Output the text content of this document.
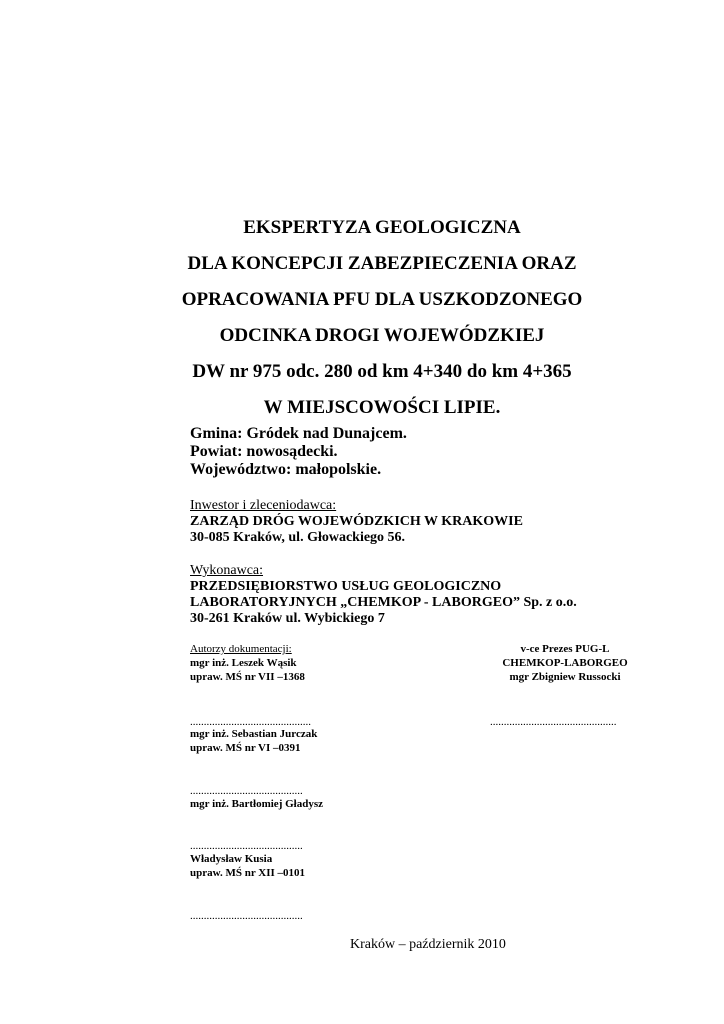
EKSPERTYZA GEOLOGICZNA
DLA KONCEPCJI ZABEZPIECZENIA ORAZ
OPRACOWANIA PFU DLA USZKODZONEGO
ODCINKA DROGI WOJEWÓDZKIEJ
DW nr 975 odc. 280 od km 4+340 do km 4+365
W MIEJSCOWOŚCI LIPIE.
Gmina: Gródek nad Dunajcem.
Powiat: nowosądecki.
Województwo: małopolskie.
Inwestor i zleceniodawca:
ZARZĄD DRÓG WOJEWÓDZKICH W KRAKOWIE
30-085 Kraków, ul. Głowackiego 56.
Wykonawca:
PRZEDSIĘBIORSTWO USŁUG GEOLOGICZNO
LABORATORYJNYCH „CHEMKOP - LABORGEO” Sp. z o.o.
30-261 Kraków ul. Wybickiego 7
Autorzy dokumentacji:
mgr inż. Leszek Wąsik
upraw. MŚ nr VII –1368
v-ce Prezes PUG-L
CHEMKOP-LABORGEO
mgr Zbigniew Russocki
............................................	..............................................
mgr inż. Sebastian Jurczak
upraw. MŚ nr VI –0391
.........................................
mgr inż. Bartłomiej Gładysz
.........................................
Władysław Kusia
upraw. MŚ nr XII –0101
.........................................
Kraków – październik 2010
